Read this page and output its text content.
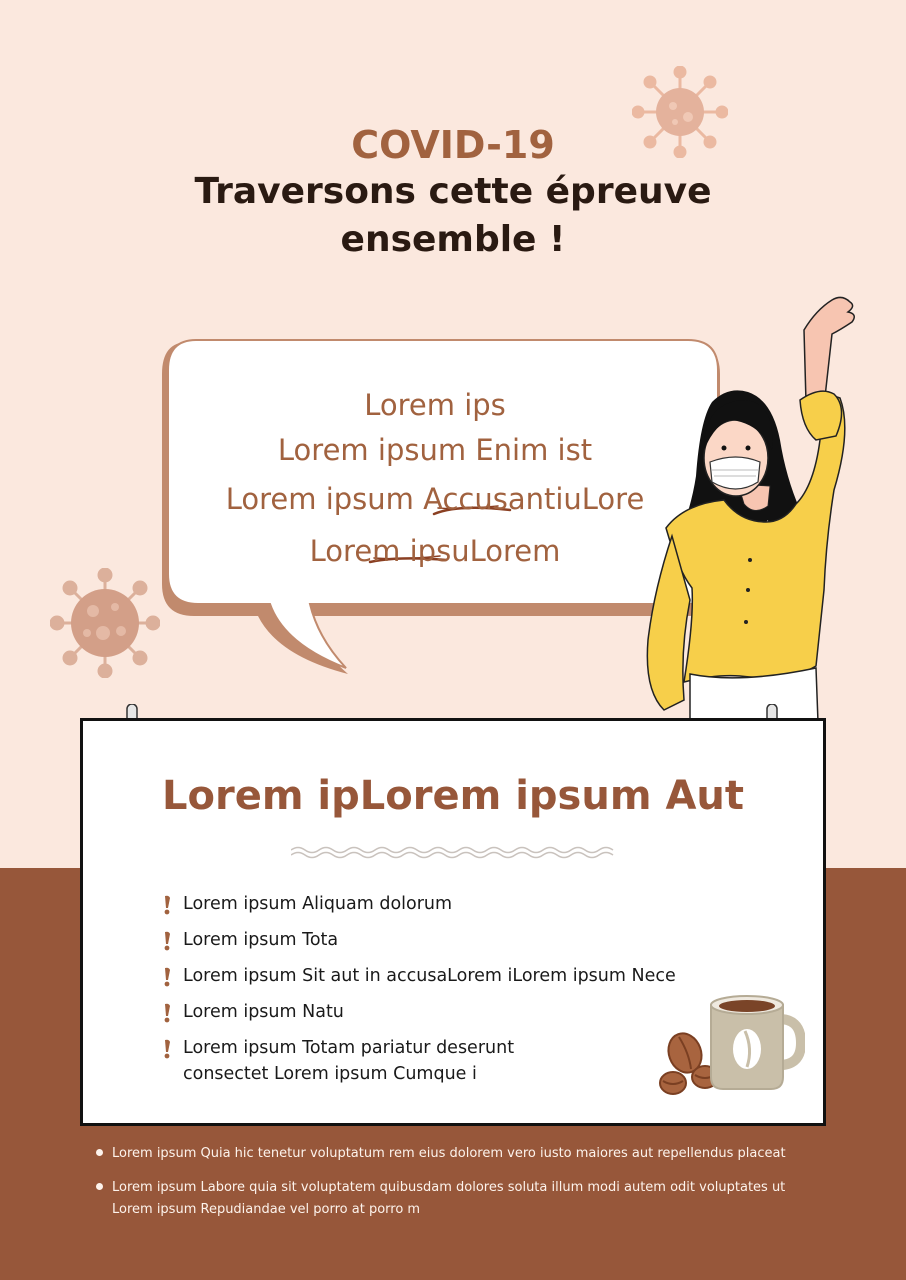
COVID-19
Traversons cette épreuve ensemble !
Lorem ips
Lorem ipsum Enim ist
Lorem ipsum AccusantiuLore
Lorem ipsuLorem
Lorem ipLorem ipsum Aut
Lorem ipsum Aliquam dolorum
Lorem ipsum Tota
Lorem ipsum Sit aut in accusaLorem iLorem ipsum Nece
Lorem ipsum Natu
Lorem ipsum Totam pariatur deserunt consectet Lorem ipsum Cumque i
Lorem ipsum Quia hic tenetur voluptatum rem eius dolorem vero iusto maiores aut repellendus placeat
Lorem ipsum Labore quia sit voluptatem quibusdam dolores soluta illum modi autem odit voluptates ut Lorem ipsum Repudiandae vel porro at porro m
